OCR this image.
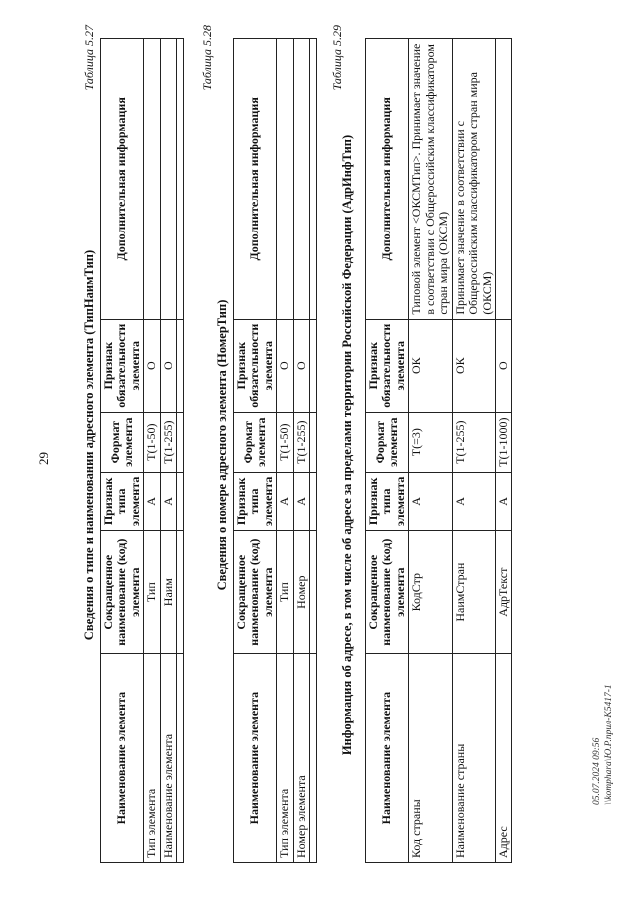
29
Таблица 5.27
Сведения о типе и наименовании адресного элемента (ТипНаимТип)
Наименование элемента	Сокращенное наименование (код) элемента	Признак типа элемента	Формат элемента	Признак обязательности элемента	Дополнительная информация
Тип элемента	Тип	А	T(1-50)	О	
Наименование элемента	Наим	А	T(1-255)	О	

Таблица 5.28
Сведения о номере адресного элемента (НомерТип)
Наименование элемента	Сокращенное наименование (код) элемента	Признак типа элемента	Формат элемента	Признак обязательности элемента	Дополнительная информация
Тип элемента	Тип	А	T(1-50)	О	
Номер элемента	Номер	А	T(1-255)	О	

Таблица 5.29
Информация об адресе, в том числе об адресе за пределами территории Российской Федерации (АдрИнфТип)
Наименование элемента	Сокращенное наименование (код) элемента	Признак типа элемента	Формат элемента	Признак обязательности элемента	Дополнительная информация
Код страны	КодСтр	А	T(=3)	ОК	Типовой элемент <ОКСМТип>. Принимает значение в соответствии с Общероссийским классификатором стран мира (ОКСМ)
Наименование страны	НаимСтран	А	T(1-255)	ОК	Принимает значение в соответствии с Общероссийским классификатором стран мира (ОКСМ)
Адрес	АдрТекст	А	T(1-1000)	О	
05.07.2024 09:56 \\komphara\Ю.Р.прил-К5417-1
